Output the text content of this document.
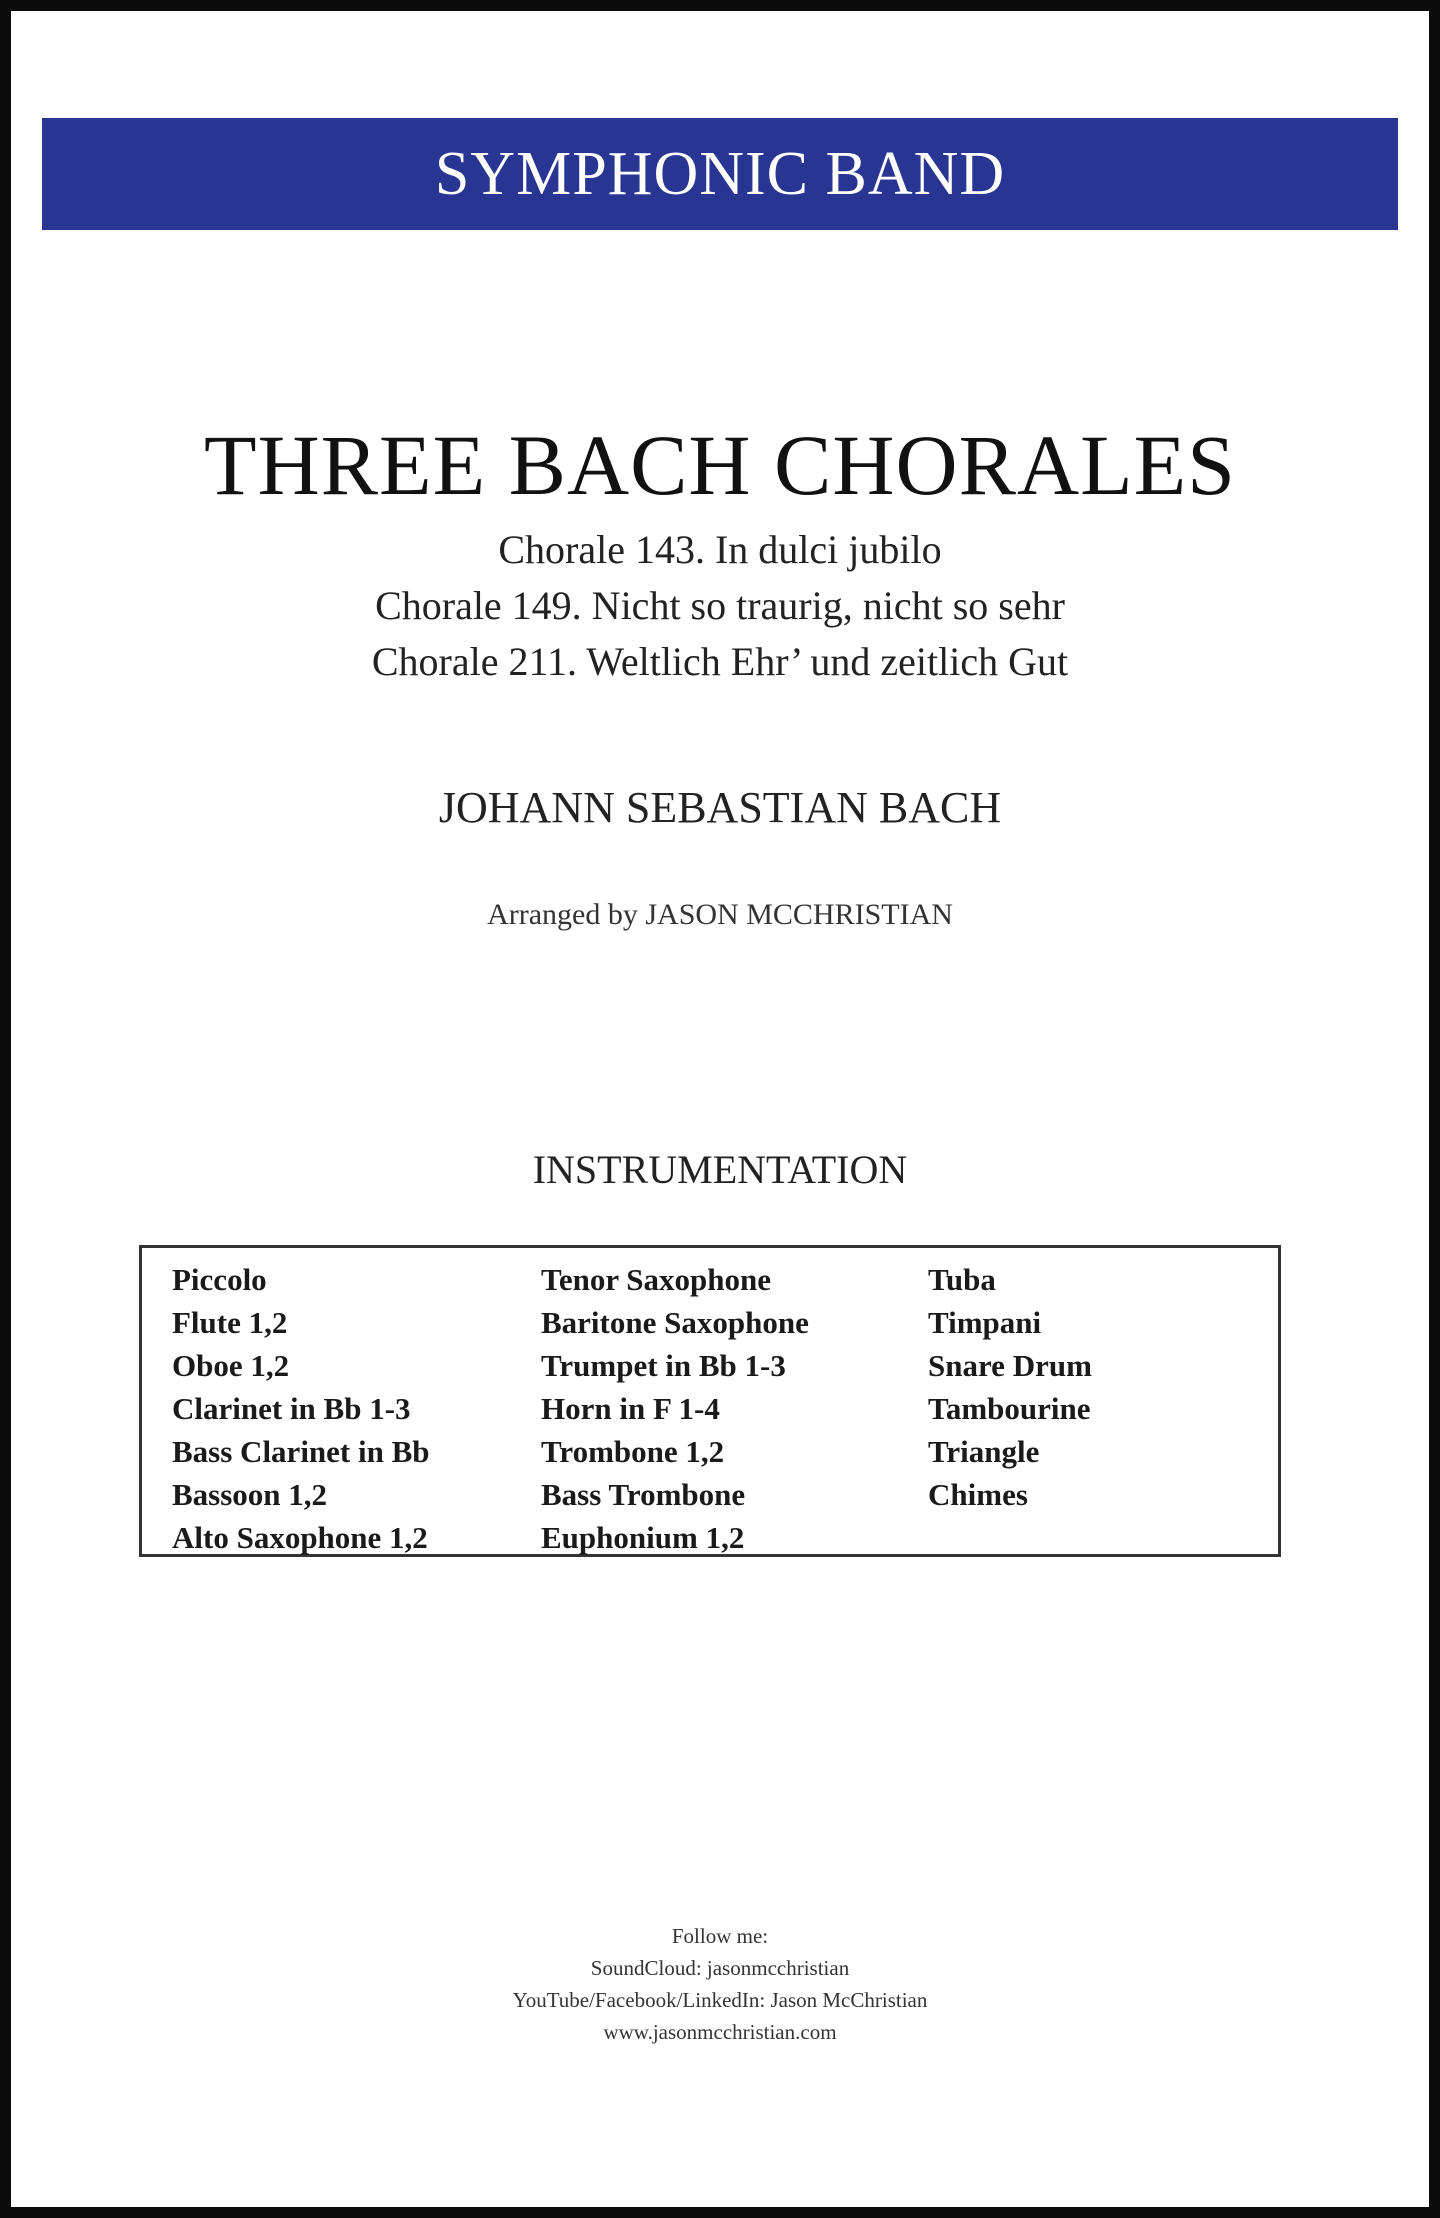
SYMPHONIC BAND
THREE BACH CHORALES
Chorale 143. In dulci jubilo
Chorale 149. Nicht so traurig, nicht so sehr
Chorale 211. Weltlich Ehr’ und zeitlich Gut
JOHANN SEBASTIAN BACH
Arranged by JASON MCCHRISTIAN
INSTRUMENTATION
Piccolo
Flute 1,2
Oboe 1,2
Clarinet in Bb 1-3
Bass Clarinet in Bb
Bassoon 1,2
Alto Saxophone 1,2
Tenor Saxophone
Baritone Saxophone
Trumpet in Bb 1-3
Horn in F 1-4
Trombone 1,2
Bass Trombone
Euphonium 1,2
Tuba
Timpani
Snare Drum
Tambourine
Triangle
Chimes
Follow me:
SoundCloud: jasonmcchristian
YouTube/Facebook/LinkedIn: Jason McChristian
www.jasonmcchristian.com
